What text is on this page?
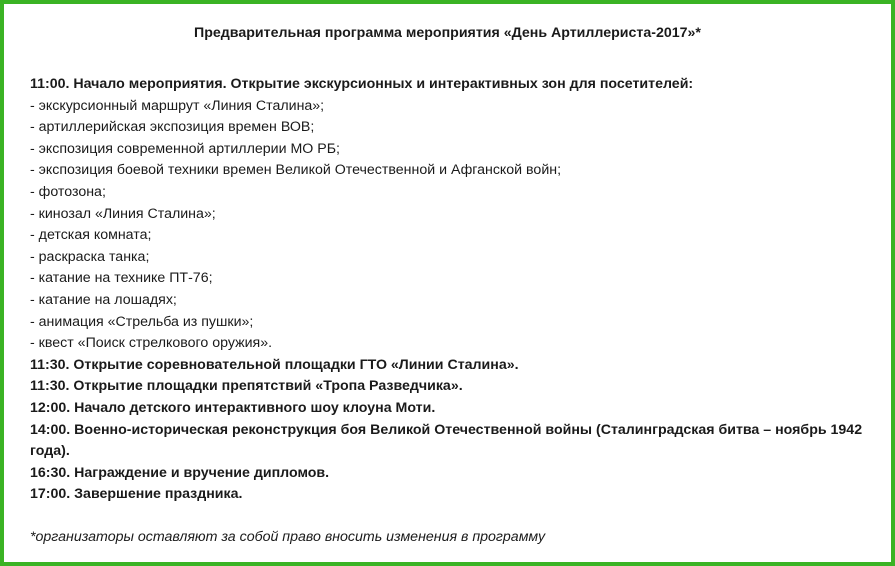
Предварительная программа мероприятия «День Артиллериста-2017»*
11:00. Начало мероприятия. Открытие экскурсионных и интерактивных зон для посетителей:
- экскурсионный маршрут «Линия Сталина»;
- артиллерийская экспозиция времен ВОВ;
- экспозиция современной артиллерии МО РБ;
- экспозиция боевой техники времен Великой Отечественной и Афганской войн;
- фотозона;
- кинозал «Линия Сталина»;
- детская комната;
- раскраска танка;
- катание на технике ПТ-76;
- катание на лошадях;
- анимация «Стрельба из пушки»;
- квест «Поиск стрелкового оружия».
11:30. Открытие соревновательной площадки ГТО «Линии Сталина».
11:30. Открытие площадки препятствий «Тропа Разведчика».
12:00. Начало детского интерактивного шоу клоуна Моти.
14:00. Военно-историческая реконструкция боя Великой Отечественной войны (Сталинградская битва – ноябрь 1942 года).
16:30. Награждение и вручение дипломов.
17:00. Завершение праздника.
*организаторы оставляют за собой право вносить изменения в программу
